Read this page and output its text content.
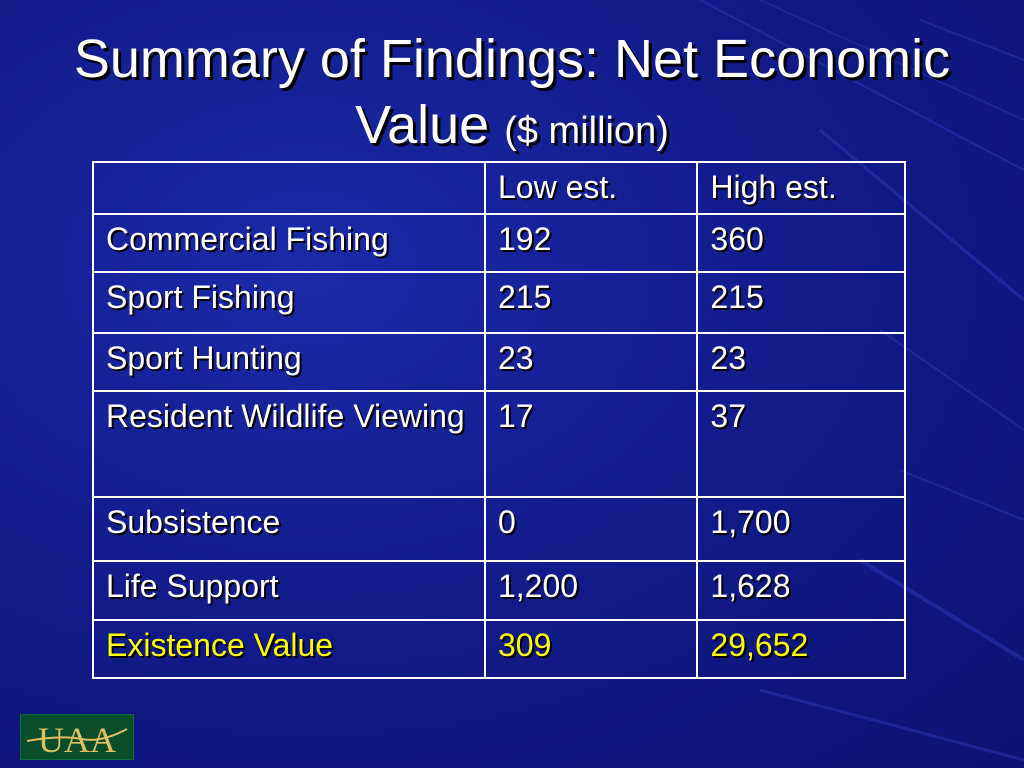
Summary of Findings: Net Economic Value ($ million)
	Low est.	High est.
Commercial Fishing	192	360
Sport Fishing	215	215
Sport Hunting	23	23
Resident Wildlife Viewing	17	37
Subsistence	0	1,700
Life Support	1,200	1,628
Existence Value	309	29,652
UAA
